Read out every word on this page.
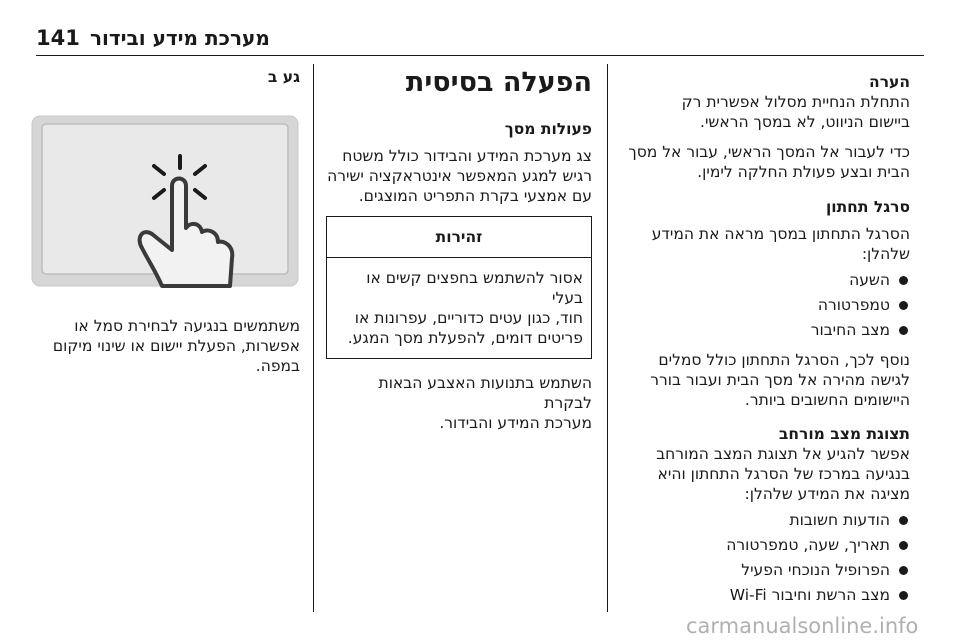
141 מערכת מידע ובידור
הערה

התחלת הנחיית מסלול אפשרית רק

ביישום הניווט, לא במסך הראשי.

כדי לעבור אל המסך הראשי, עבור אל מסך

הבית ובצע פעולת החלקה לימין.

סרגל תחתון

הסרגל התחתון במסך מראה את המידע

שלהלן:

השעה
טמפרטורה
מצב החיבור

נוסף לכך, הסרגל התחתון כולל סמלים

לגישה מהירה אל מסך הבית ועבור בורר

היישומים החשובים ביותר.

תצוגת מצב מורחב

אפשר להגיע אל תצוגת המצב המורחב

בנגיעה במרכז של הסרגל התחתון והיא

מציגה את המידע שלהלן:

הודעות חשובות
תאריך, שעה, טמפרטורה
הפרופיל הנוכחי הפעיל
מצב הרשת וחיבור Wi-Fi
הפעלה בסיסית
פעולות מסך

צג מערכת המידע והבידור כולל משטח

רגיש למגע המאפשר אינטראקציה ישירה

עם אמצעי בקרת התפריט המוצגים.

זהירות

אסור להשתמש בחפצים קשים או בעלי

חוד, כגון עטים כדוריים, עפרונות או

פריטים דומים, להפעלת מסך המגע.

השתמש בתנועות האצבע הבאות לבקרת

מערכת המידע והבידור.

גע ב

משתמשים בנגיעה לבחירת סמל או

אפשרות, הפעלת יישום או שינוי מיקום

במפה.

carmanualsonline.info
